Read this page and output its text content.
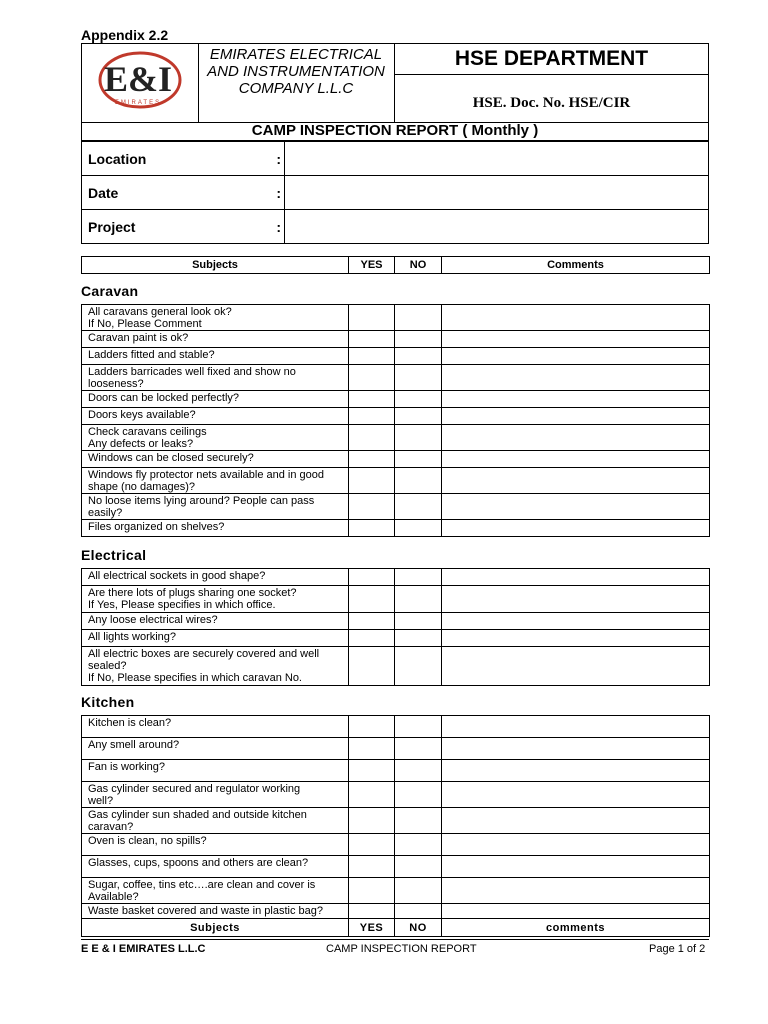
Appendix 2.2
E&I
EMIRATES
EMIRATES ELECTRICAL AND INSTRUMENTATION COMPANY L.L.C
HSE DEPARTMENT
HSE. Doc. No. HSE/CIR
CAMP INSPECTION REPORT ( Monthly )
Location :	

Date :	

Project :	

Subjects	YES	NO	Comments
Caravan
All caravans general look ok?
If No, Please Comment			

Caravan paint is ok?			

Ladders fitted and stable?			

Ladders barricades well fixed and show no
looseness?			

Doors can be locked perfectly?			

Doors keys available?			

Check caravans ceilings
Any defects or leaks?			

Windows can be closed securely?			

Windows fly protector nets available and in good
shape (no damages)?			

No loose items lying around? People can pass
easily?			

Files organized on shelves?			

Electrical
All electrical sockets in good shape?			

Are there lots of plugs sharing one socket?
If Yes, Please specifies in which office.			

Any loose electrical wires?			

All lights working?			

All electric boxes are securely covered and well
sealed?
If No, Please specifies in which caravan No.			

Kitchen
Kitchen is clean?			

Any smell around?			

Fan is working?			

Gas cylinder secured and regulator working
well?			

Gas cylinder sun shaded and outside kitchen
caravan?			

Oven is clean, no spills?			

Glasses, cups, spoons and others are clean?			

Sugar, coffee, tins etc….are clean and cover is
Available?			

Waste basket covered and waste in plastic bag?			

Subjects	YES	NO	comments
E E & I EMIRATES L.L.C	CAMP INSPECTION REPORT	Page 1 of 2
